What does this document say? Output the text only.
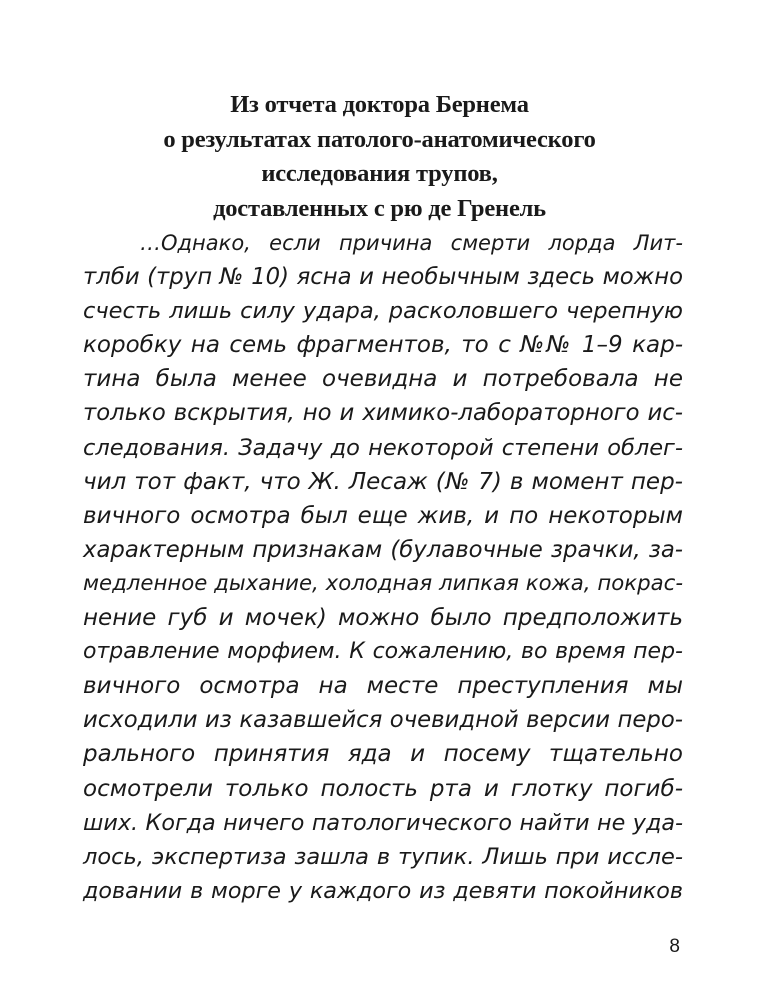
Из отчета доктора Бернема
о результатах патолого-анатомического
исследования трупов,
доставленных с рю де Гренель
…Однако, если причина смерти лорда Лит-
тлби (труп № 10) ясна и необычным здесь можно
счесть лишь силу удара, расколовшего черепную
коробку на семь фрагментов, то с №№ 1–9 кар-
тина была менее очевидна и потребовала не
только вскрытия, но и химико-лабораторного ис-
следования. Задачу до некоторой степени облег-
чил тот факт, что Ж. Лесаж (№ 7) в момент пер-
вичного осмотра был еще жив, и по некоторым
характерным признакам (булавочные зрачки, за-
медленное дыхание, холодная липкая кожа, покрас-
нение губ и мочек) можно было предположить
отравление морфием. К сожалению, во время пер-
вичного осмотра на месте преступления мы
исходили из казавшейся очевидной версии перо-
рального принятия яда и посему тщательно
осмотрели только полость рта и глотку погиб-
ших. Когда ничего патологического найти не уда-
лось, экспертиза зашла в тупик. Лишь при иссле-
довании в морге у каждого из девяти покойников
8
